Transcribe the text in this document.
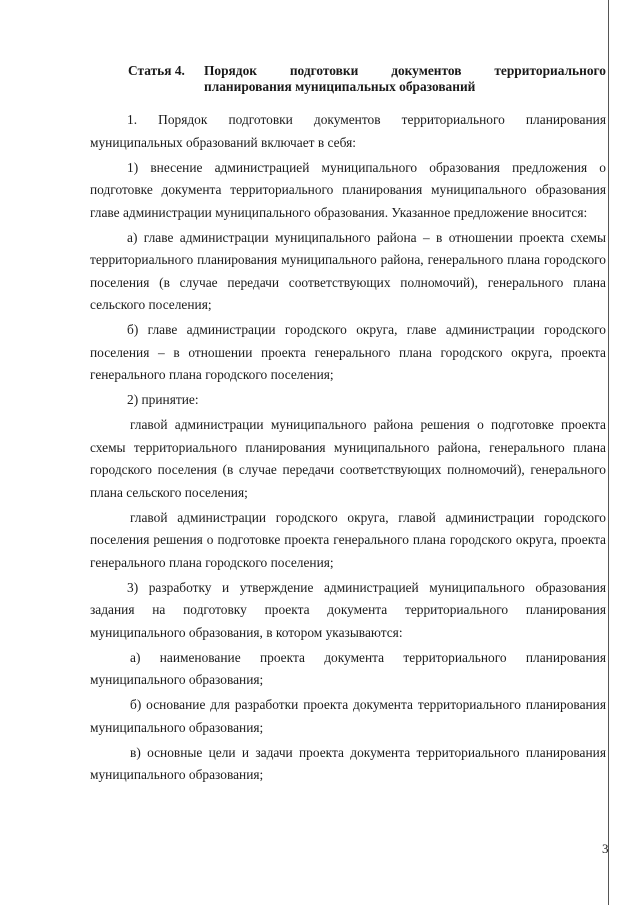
Статья 4.	Порядок подготовки документов территориального планирования муниципальных образований

1. Порядок подготовки документов территориального планирования муниципальных образований включает в себя:

1) внесение администрацией муниципального образования предложения о подготовке документа территориального планирования муниципального образования главе администрации муниципального образования. Указанное предложение вносится:

а) главе администрации муниципального района – в отношении проекта схемы территориального планирования муниципального района, генерального плана городского поселения (в случае передачи соответствующих полномочий), генерального плана сельского поселения;

б) главе администрации городского округа, главе администрации городского поселения – в отношении проекта генерального плана городского округа, проекта генерального плана городского поселения;

2) принятие:

главой администрации муниципального района решения о подготовке проекта схемы территориального планирования муниципального района, генерального плана городского поселения (в случае передачи соответствующих полномочий), генерального плана сельского поселения;

главой администрации городского округа, главой администрации городского поселения решения о подготовке проекта генерального плана городского округа, проекта генерального плана городского поселения;

3) разработку и утверждение администрацией муниципального образования задания на подготовку проекта документа территориального планирования муниципального образования, в котором указываются:

а) наименование проекта документа территориального планирования муниципального образования;

б) основание для разработки проекта документа территориального планирования муниципального образования;

в) основные цели и задачи проекта документа территориального планирования муниципального образования;

3
